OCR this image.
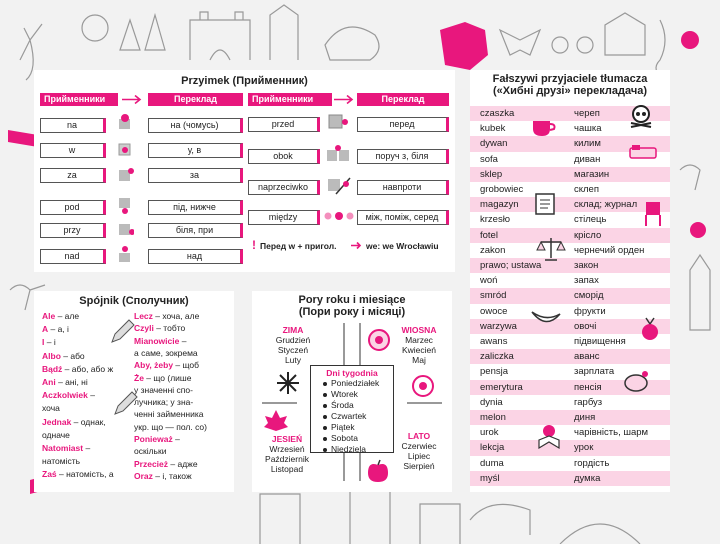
Przyimek (Прийменник)
Прийменники	Переклад	Прийменники	Переклад
na	на (чомусь)
w	у, в
za	за
pod	під, нижче
przy	біля, при
nad	над
przed	перед
obok	поруч з, біля
naprzeciwko	навпроти
między	між, поміж, серед
! Перед w + пригол.	we: we Wrocławiu
Spójnik (Сполучник)
Ale – але
A – а, і
I – і
Albo – або
Bądź – або, або ж
Ani – ані, ні
Aczkolwiek –
хоча
Jednak – однак,
одначе
Natomiast –
натомість
Zaś – натомість, а
Lecz – хоча, але
Czyli – тобто
Mianowicie –
а саме, зокрема
Aby, żeby – щоб
Że – що (лише
у значенні спо-
лучника; у зна-
ченні займенника
укр. що — пол. co)
Ponieważ –
оскільки
Przecież – адже
Oraz – і, також
Pory roku i miesiące
(Пори року і місяці)
ZIMA
Grudzień
Styczeń
Luty
WIOSNA
Marzec
Kwiecień
Maj
Dni tygodnia
Poniedziałek
Wtorek
Środa
Czwartek
Piątek
Sobota
Niedziela
JESIEŃ
Wrzesień
Październik
Listopad
LATO
Czerwiec
Lipiec
Sierpień
Fałszywi przyjaciele tłumacza
(«Хибні друзі» перекладача)
czaszka	череп
kubek	чашка
dywan	килим
sofa	диван
sklep	магазин
grobowiec	склеп
magazyn	склад; журнал
krzesło	стілець
fotel	крісло
zakon	чернечий орден
prawo; ustawa	закон
woń	запах
smród	сморід
owoce	фрукти
warzywa	овочі
awans	підвищення
zaliczka	аванс
pensja	зарплата
emerytura	пенсія
dynia	гарбуз
melon	диня
urok	чарівність, шарм
lekcja	урок
duma	гордість
myśl	думка
